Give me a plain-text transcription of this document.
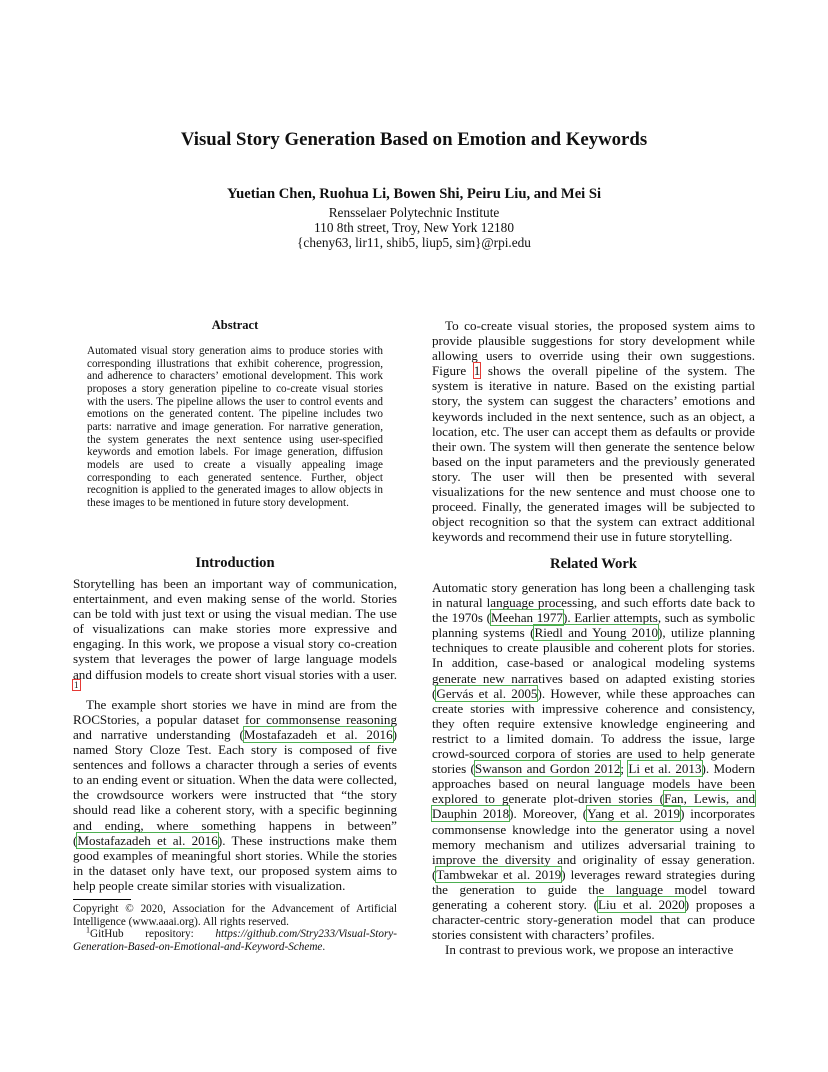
Visual Story Generation Based on Emotion and Keywords
Yuetian Chen, Ruohua Li, Bowen Shi, Peiru Liu, and Mei Si
Rensselaer Polytechnic Institute
110 8th street, Troy, New York 12180
{cheny63, lir11, shib5, liup5, sim}@rpi.edu
Abstract
Automated visual story generation aims to produce stories with corresponding illustrations that exhibit coherence, progression, and adherence to characters’ emotional development. This work proposes a story generation pipeline to co-create visual stories with the users. The pipeline allows the user to control events and emotions on the generated content. The pipeline includes two parts: narrative and image generation. For narrative generation, the system generates the next sentence using user-specified keywords and emotion labels. For image generation, diffusion models are used to create a visually appealing image corresponding to each generated sentence. Further, object recognition is applied to the generated images to allow objects in these images to be mentioned in future story development.
Introduction

Storytelling has been an important way of communication, entertainment, and even making sense of the world. Stories can be told with just text or using the visual median. The use of visualizations can make stories more expressive and engaging. In this work, we propose a visual story co-creation system that leverages the power of large language models and diffusion models to create short visual stories with a user. $^1$

The example short stories we have in mind are from the ROCStories, a popular dataset for commonsense reasoning and narrative understanding (Mostafazadeh et al. 2016) named Story Cloze Test. Each story is composed of five sentences and follows a character through a series of events to an ending event or situation. When the data were collected, the crowdsource workers were instructed that “the story should read like a coherent story, with a specific beginning and ending, where something happens in between” (Mostafazadeh et al. 2016). These instructions make them good examples of meaningful short stories. While the stories in the dataset only have text, our proposed system aims to help people create similar stories with visualization.

Copyright © 2020, Association for the Advancement of Artificial Intelligence (www.aaai.org). All rights reserved.

$^1$GitHub repository: https://github.com/Stry233/Visual-Story-Generation-Based-on-Emotional-and-Keyword-Scheme.

To co-create visual stories, the proposed system aims to provide plausible suggestions for story development while allowing users to override using their own suggestions. Figure 1 shows the overall pipeline of the system. The system is iterative in nature. Based on the existing partial story, the system can suggest the characters’ emotions and keywords included in the next sentence, such as an object, a location, etc. The user can accept them as defaults or provide their own. The system will then generate the sentence below based on the input parameters and the previously generated story. The user will then be presented with several visualizations for the new sentence and must choose one to proceed. Finally, the generated images will be subjected to object recognition so that the system can extract additional keywords and recommend their use in future storytelling.

Related Work

Automatic story generation has long been a challenging task in natural language processing, and such efforts date back to the 1970s (Meehan 1977). Earlier attempts, such as symbolic planning systems (Riedl and Young 2010), utilize planning techniques to create plausible and coherent plots for stories. In addition, case-based or analogical modeling systems generate new narratives based on adapted existing stories (Gervás et al. 2005). However, while these approaches can create stories with impressive coherence and consistency, they often require extensive knowledge engineering and restrict to a limited domain. To address the issue, large crowd-sourced corpora of stories are used to help generate stories (Swanson and Gordon 2012; Li et al. 2013). Modern approaches based on neural language models have been explored to generate plot-driven stories (Fan, Lewis, and Dauphin 2018). Moreover, (Yang et al. 2019) incorporates commonsense knowledge into the generator using a novel memory mechanism and utilizes adversarial training to improve the diversity and originality of essay generation. (Tambwekar et al. 2019) leverages reward strategies during the generation to guide the language model toward generating a coherent story. (Liu et al. 2020) proposes a character-centric story-generation model that can produce stories consistent with characters’ profiles.

In contrast to previous work, we propose an interactive
